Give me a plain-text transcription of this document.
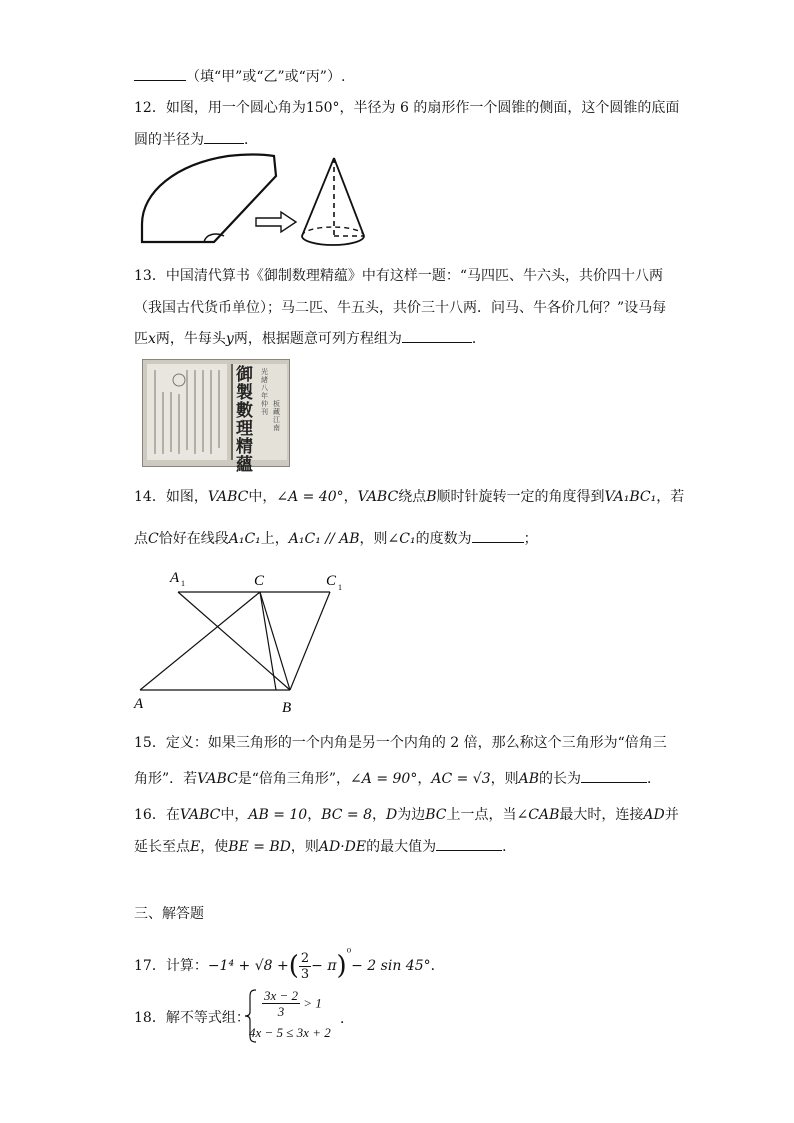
（填“甲”或“乙”或“丙”）.
12．如图，用一个圆心角为150°，半径为 6 的扇形作一个圆锥的侧面，这个圆锥的底面
圆的半径为	．
13．中国清代算书《御制数理精蕴》中有这样一题：“马四匹、牛六头，共价四十八两
（我国古代货币单位）；马二匹、牛五头，共价三十八两．问马、牛各价几何？”设马每
匹x两，牛每头y两，根据题意可列方程组为	．
御製數理精蘊
光緒八年仲刊
板藏江南
14．如图，VABC中，∠A = 40°，VABC绕点B顺时针旋转一定的角度得到VA₁BC₁，若
点C恰好在线段A₁C₁上，A₁C₁ // AB，则∠C₁的度数为	；
A 1	C	C 1
A	B
15．定义：如果三角形的一个内角是另一个内角的 2 倍，那么称这个三角形为“倍角三
角形”．若VABC是“倍角三角形”，∠A = 90°，AC = √3，则AB的长为	．
16．在VABC中，AB = 10，BC = 8，D为边BC上一点，当∠CAB最大时，连接AD并
延长至点E，使BE = BD，则AD·DE的最大值为	．
三、解答题
17．计算：−1⁴ + √8 +( $\frac{2}{3} - \pi)^{^0}- 2$ sin 45°．
18．解不等式组： $\frac{3x - 2}{3} > 1$
4x − 5 ≤ 3x + 2
．
